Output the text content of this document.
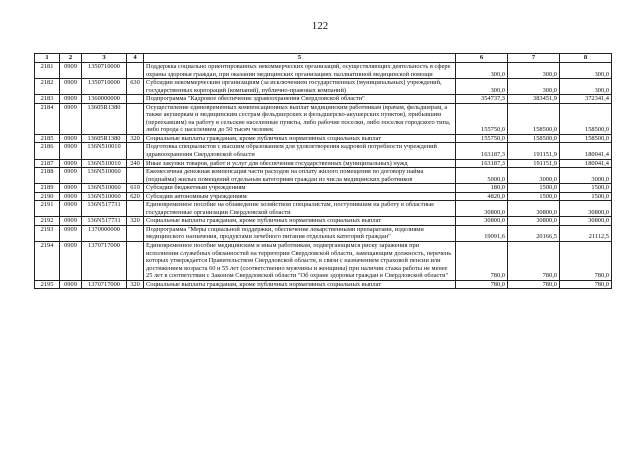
122
1	2	3	4	5	6	7	8
2181	0909	1350710000		Поддержка социально ориентированных некоммерческих организаций, осуществляющих деятельность в сфере охраны здоровья граждан, при оказании медицинских организациях паллиативной медицинской помощи	300,0	300,0	300,0
2182	0909	1350710000	630	Субсидии некоммерческим организациям (за исключением государственных (муниципальных) учреждений, государственных корпораций (компаний), публично-правовых компаний)	300,0	300,0	300,0
2183	0909	1360000000		Подпрограмма "Кадровое обеспечение здравоохранения Свердловской области"	354737,3	383451,9	372341,4
2184	0909	13605R1380		Осуществление единовременных компенсационных выплат медицинским работникам (врачам, фельдшерам, а также акушеркам и медицинским сестрам фельдшерских и фельдшерско-акушерских пунктов), прибывшим (переехавшим) на работу в сельские населенные пункты, либо рабочие поселки, либо поселки городского типа, либо города с населением до 50 тысяч человек	155750,0	158500,0	158500,0
2185	0909	13605R1380	320	Социальные выплаты гражданам, кроме публичных нормативных социальных выплат	155750,0	158500,0	158500,0
2186	0909	136N510010		Подготовка специалистов с высшим образованием для удовлетворения кадровой потребности учреждений здравоохранения Свердловской области	163187,3	191151,9	180041,4
2187	0909	136N510010	240	Иные закупки товаров, работ и услуг для обеспечения государственных (муниципальных) нужд	163187,3	191151,9	180041,4
2188	0909	136N510060		Ежемесячная денежная компенсация части расходов на оплату жилого помещения по договору найма (поднайма) жилых помещений отдельным категориям граждан из числа медицинских работников	5000,0	3000,0	3000,0
2189	0909	136N510060	610	Субсидии бюджетным учреждениям	180,0	1500,0	1500,0
2190	0909	136N510060	620	Субсидии автономным учреждениям	4820,0	1500,0	1500,0
2191	0909	136N517731		Единовременное пособие на обзаведение хозяйством специалистам, поступившим на работу в областные государственные организации Свердловской области	30800,0	30800,0	30800,0
2192	0909	136N517731	320	Социальные выплаты гражданам, кроме публичных нормативных социальных выплат	30800,0	30800,0	30800,0
2193	0909	1370000000		Подпрограмма "Меры социальной поддержки, обеспечение лекарственными препаратами, изделиями медицинского назначения, продуктами лечебного питания отдельных категорий граждан"	19091,6	20166,5	21112,5
2194	0909	1370717000		Единовременное пособие медицинским и иным работникам, подвергающимся риску заражения при исполнении служебных обязанностей на территории Свердловской области, замещающим должность, перечень которых утверждается Правительством Свердловской области, в связи с назначением страховой пенсии или достижением возраста 60 и 55 лет (соответственно мужчины и женщины) при наличии стажа работы не менее 25 лет в соответствии с Законом Свердловской области "Об охране здоровья граждан в Свердловской области"	780,0	780,0	780,0
2195	0909	1370717000	320	Социальные выплаты гражданам, кроме публичных нормативных социальных выплат	780,0	780,0	780,0
